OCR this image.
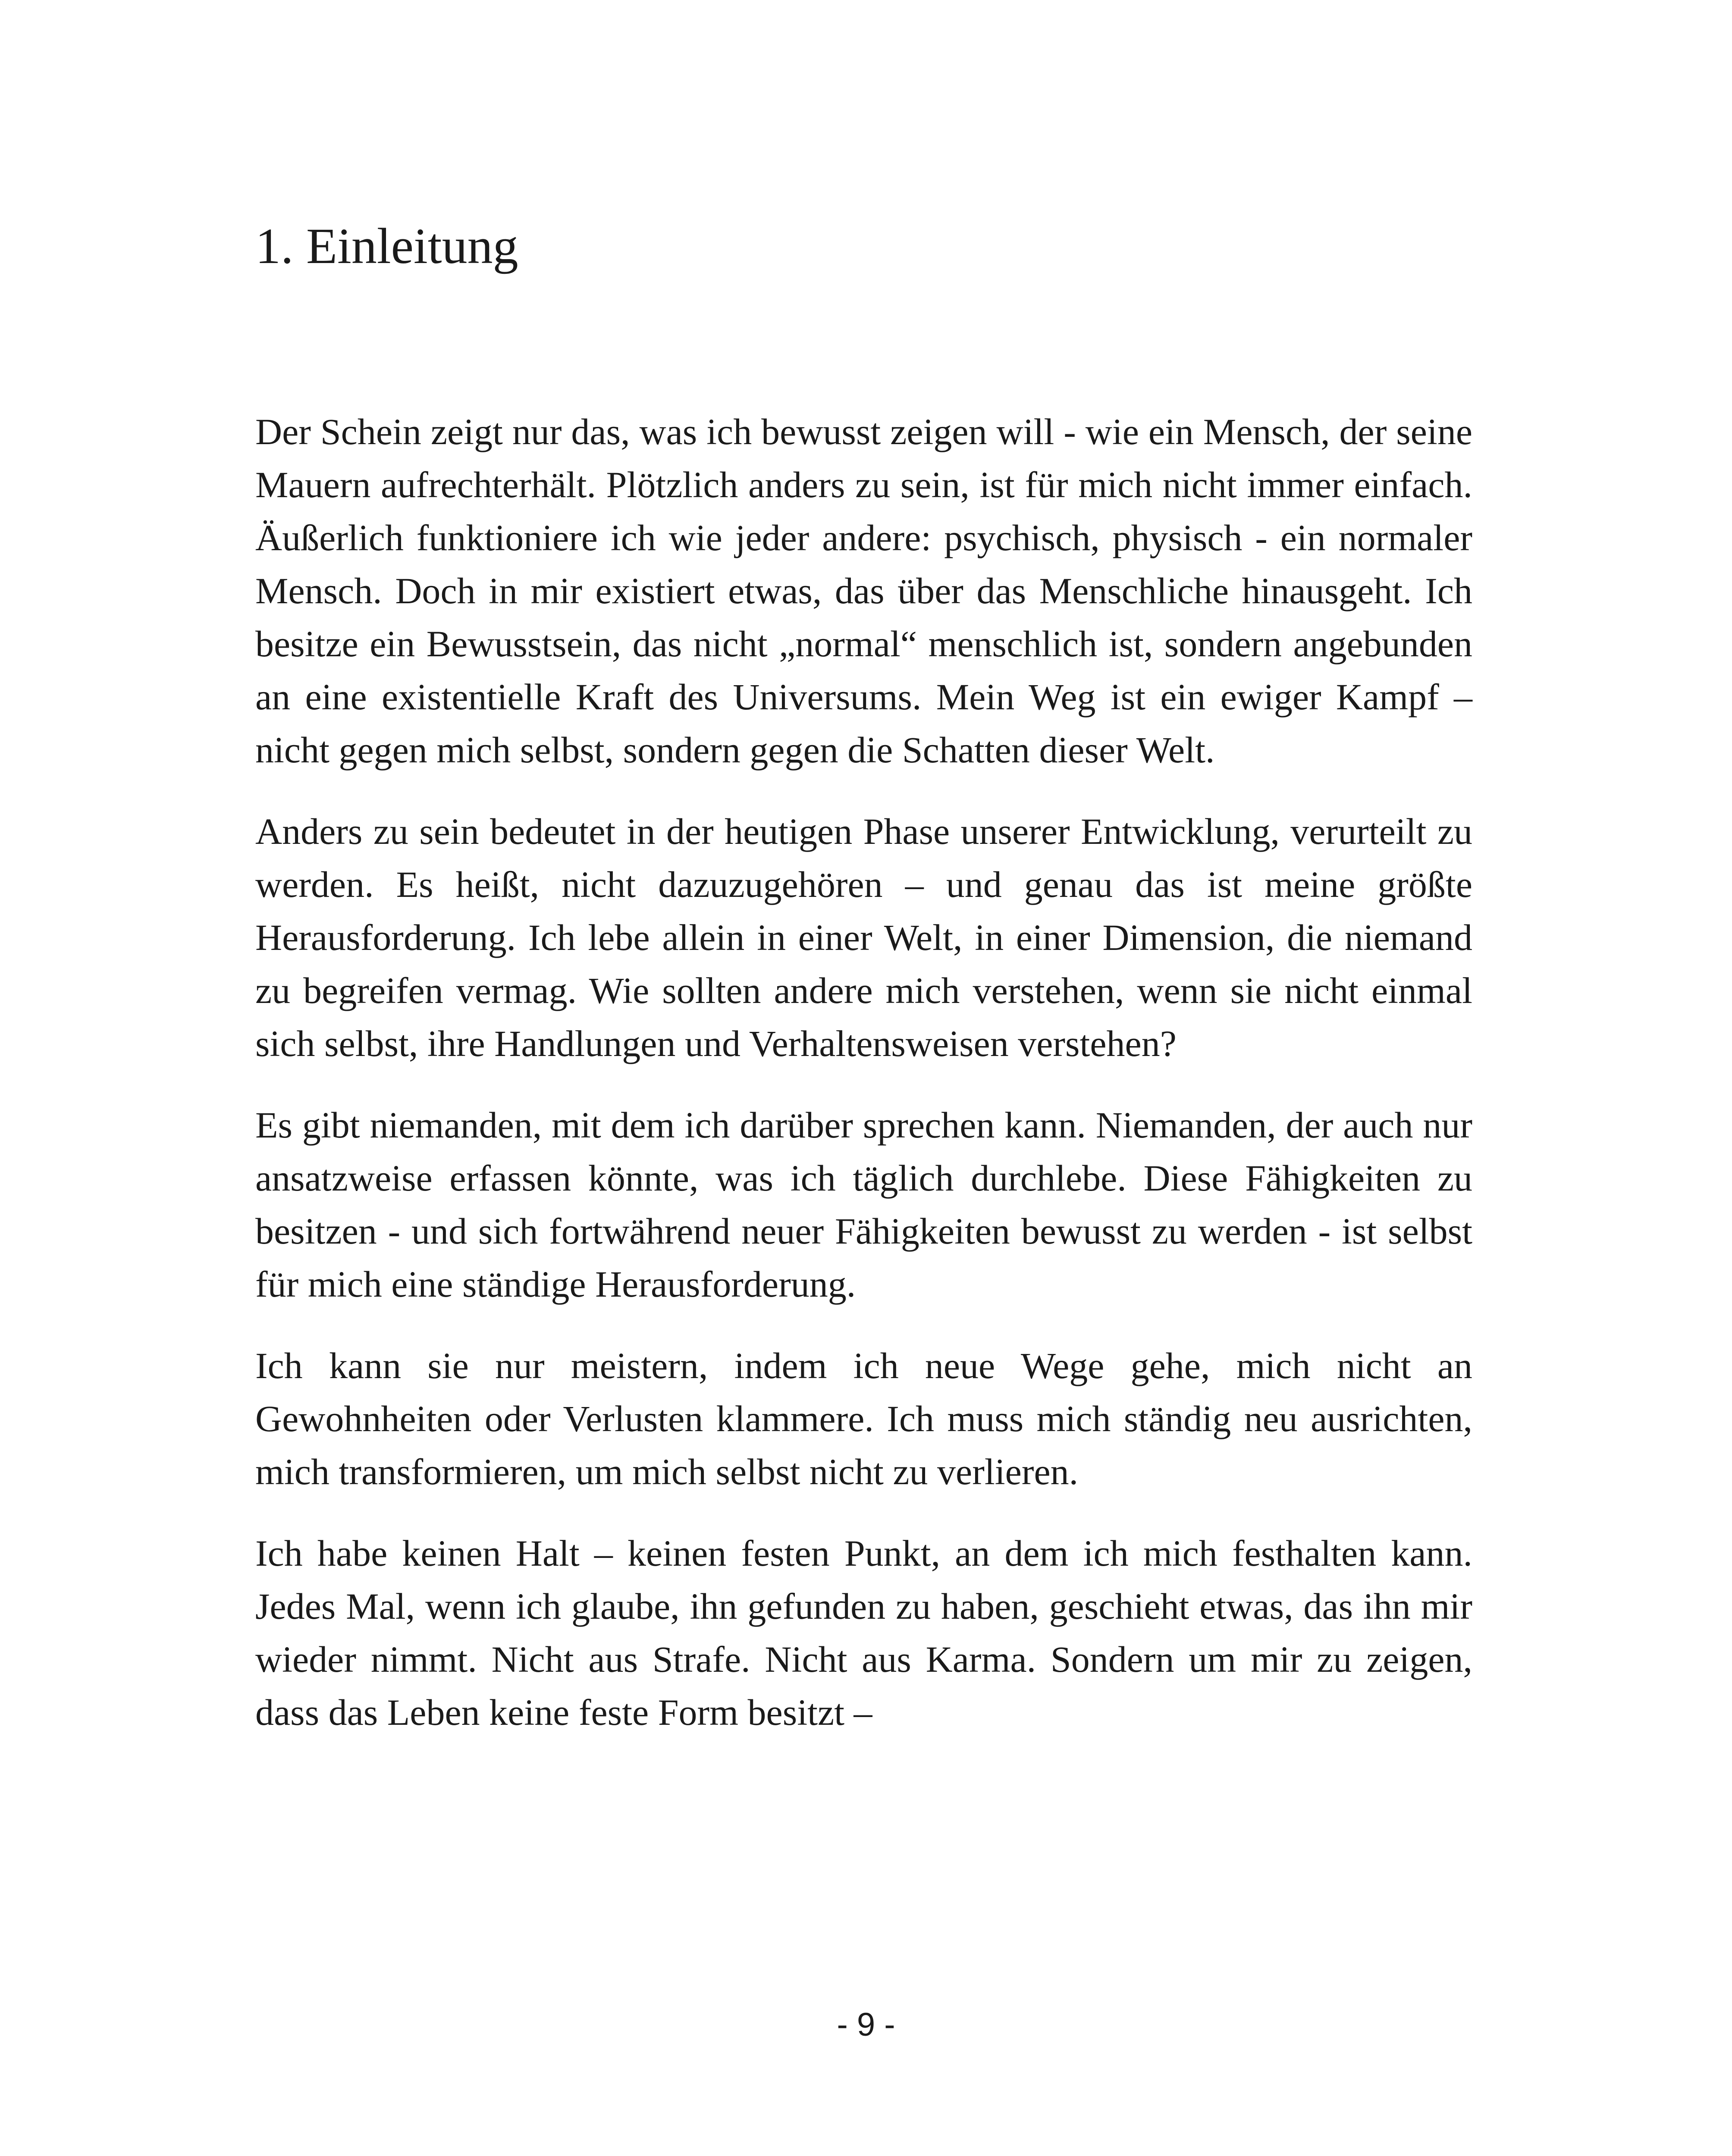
1. Einleitung

Der Schein zeigt nur das, was ich bewusst zeigen will - wie ein Mensch, der seine Mauern aufrechterhält. Plötzlich anders zu sein, ist für mich nicht immer einfach. Äußerlich funktioniere ich wie jeder andere: psychisch, physisch - ein normaler Mensch. Doch in mir existiert etwas, das über das Menschliche hinausgeht. Ich besitze ein Bewusstsein, das nicht „normal“ menschlich ist, sondern angebunden an eine existentielle Kraft des Universums. Mein Weg ist ein ewiger Kampf – nicht gegen mich selbst, sondern gegen die Schatten dieser Welt.

Anders zu sein bedeutet in der heutigen Phase unserer Entwicklung, verurteilt zu werden. Es heißt, nicht dazuzugehören – und genau das ist meine größte Herausforderung. Ich lebe allein in einer Welt, in einer Dimension, die niemand zu begreifen vermag. Wie sollten andere mich verstehen, wenn sie nicht einmal sich selbst, ihre Handlungen und Verhaltensweisen verstehen?

Es gibt niemanden, mit dem ich darüber sprechen kann. Niemanden, der auch nur ansatzweise erfassen könnte, was ich täglich durchlebe. Diese Fähigkeiten zu besitzen - und sich fortwährend neuer Fähigkeiten bewusst zu werden - ist selbst für mich eine ständige Herausforderung.

Ich kann sie nur meistern, indem ich neue Wege gehe, mich nicht an Gewohnheiten oder Verlusten klammere. Ich muss mich ständig neu ausrichten, mich transformieren, um mich selbst nicht zu verlieren.

Ich habe keinen Halt – keinen festen Punkt, an dem ich mich festhalten kann. Jedes Mal, wenn ich glaube, ihn gefunden zu haben, geschieht etwas, das ihn mir wieder nimmt. Nicht aus Strafe. Nicht aus Karma. Sondern um mir zu zeigen, dass das Leben keine feste Form besitzt –

- 9 -
